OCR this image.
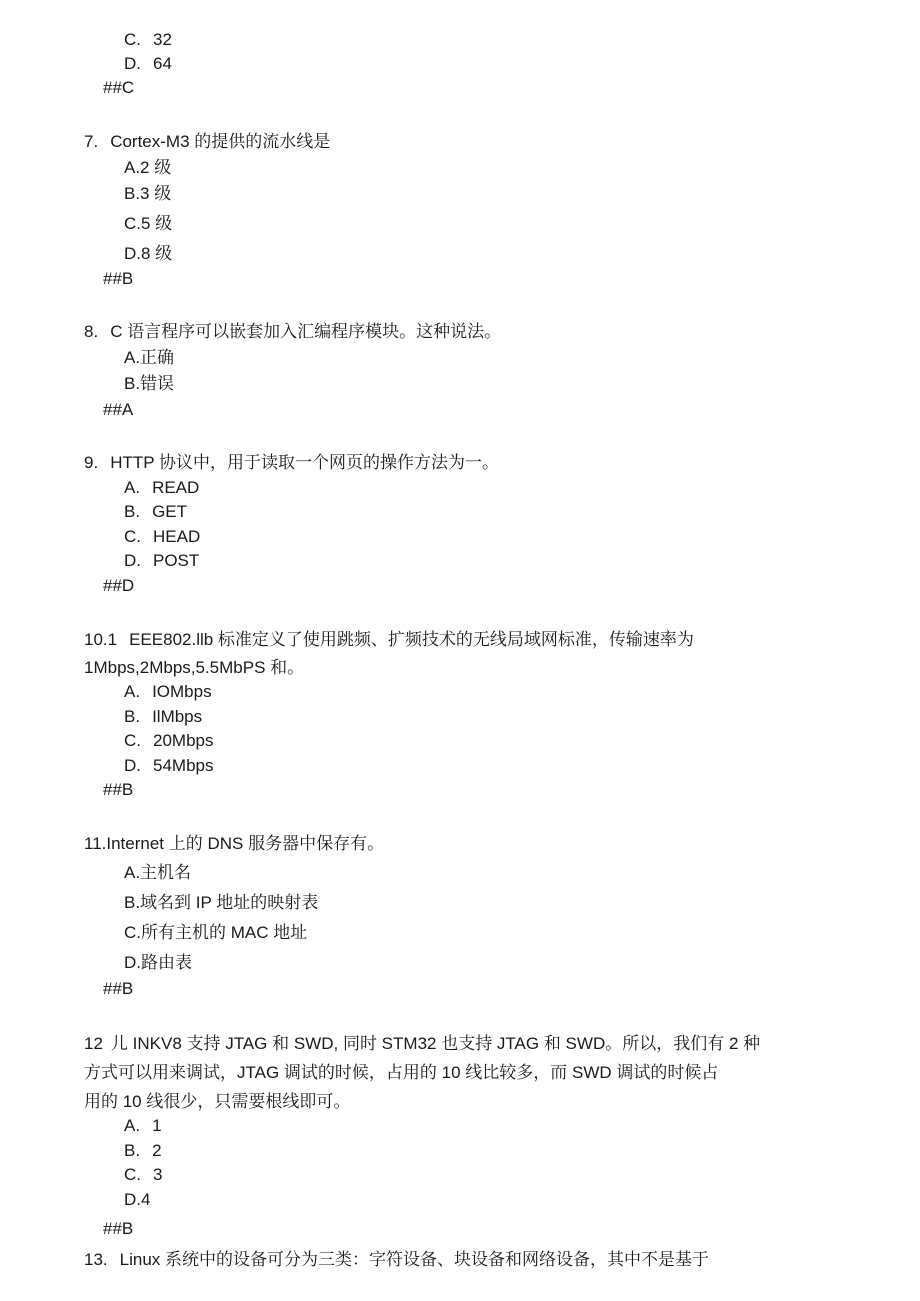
C. 32
D. 64
##C
7. Cortex-M3 的提供的流水线是
A.2 级
B.3 级
C.5 级
D.8 级
##B
8. C 语言程序可以嵌套加入汇编程序模块。这种说法。
A.正确
B.错误
##A
9. HTTP 协议中，用于读取一个网页的操作方法为一。
A. READ
B. GET
C. HEAD
D. POST
##D
10.1 EEE802.llb 标准定义了使用跳频、扩频技术的无线局域网标准，传输速率为
1Mbps,2Mbps,5.5MbPS 和。
A. IOMbps
B. IlMbps
C. 20Mbps
D. 54Mbps
##B
11.Internet 上的 DNS 服务器中保存有。
A.主机名
B.域名到 IP 地址的映射表
C.所有主机的 MAC 地址
D.路由表
##B
12 儿 INKV8 支持 JTAG 和 SWD, 同时 STM32 也支持 JTAG 和 SWD。所以，我们有 2 种
方式可以用来调试，JTAG 调试的时候，占用的 10 线比较多，而 SWD 调试的时候占
用的 10 线很少，只需要根线即可。
A. 1
B. 2
C. 3
D.4
##B
13. Linux 系统中的设备可分为三类：字符设备、块设备和网络设备，其中不是基于
